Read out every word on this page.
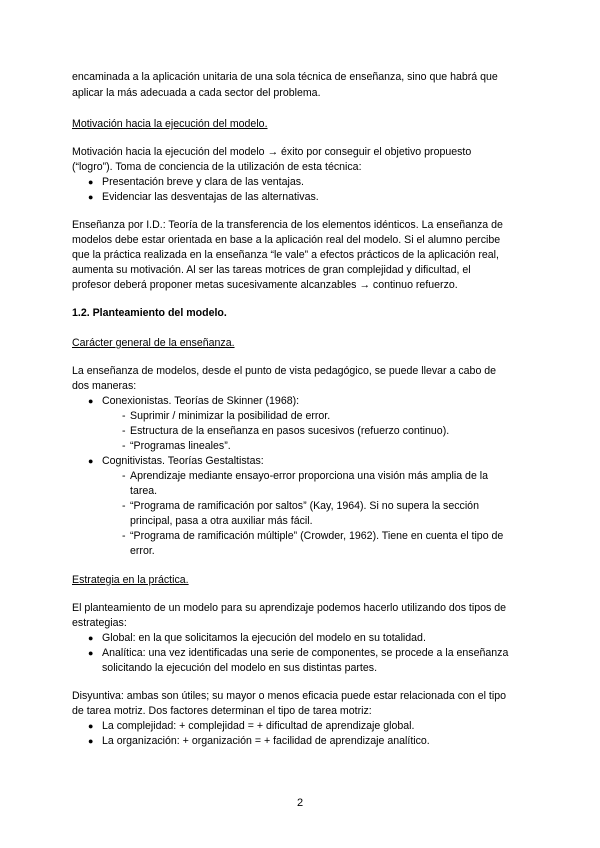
encaminada a la aplicación unitaria de una sola técnica de enseñanza, sino que habrá que
aplicar la más adecuada a cada sector del problema.
Motivación hacia la ejecución del modelo.
Motivación hacia la ejecución del modelo → éxito por conseguir el objetivo propuesto
(“logro”). Toma de conciencia de la utilización de esta técnica:
● Presentación breve y clara de las ventajas.
● Evidenciar las desventajas de las alternativas.
Enseñanza por I.D.: Teoría de la transferencia de los elementos idénticos. La enseñanza de
modelos debe estar orientada en base a la aplicación real del modelo. Si el alumno percibe
que la práctica realizada en la enseñanza “le vale” a efectos prácticos de la aplicación real,
aumenta su motivación. Al ser las tareas motrices de gran complejidad y dificultad, el
profesor deberá proponer metas sucesivamente alcanzables → continuo refuerzo.
1.2. Planteamiento del modelo.
Carácter general de la enseñanza.
La enseñanza de modelos, desde el punto de vista pedagógico, se puede llevar a cabo de
dos maneras:
● Conexionistas. Teorías de Skinner (1968):
- Suprimir / minimizar la posibilidad de error.
- Estructura de la enseñanza en pasos sucesivos (refuerzo continuo).
- “Programas lineales”.
● Cognitivistas. Teorías Gestaltistas:
- Aprendizaje mediante ensayo-error proporciona una visión más amplia de la
tarea.
- “Programa de ramificación por saltos” (Kay, 1964). Si no supera la sección
principal, pasa a otra auxiliar más fácil.
- “Programa de ramificación múltiple” (Crowder, 1962). Tiene en cuenta el tipo de
error.
Estrategia en la práctica.
El planteamiento de un modelo para su aprendizaje podemos hacerlo utilizando dos tipos de
estrategias:
● Global: en la que solicitamos la ejecución del modelo en su totalidad.
● Analítica: una vez identificadas una serie de componentes, se procede a la enseñanza
solicitando la ejecución del modelo en sus distintas partes.
Disyuntiva: ambas son útiles; su mayor o menos eficacia puede estar relacionada con el tipo
de tarea motriz. Dos factores determinan el tipo de tarea motriz:
● La complejidad: + complejidad = + dificultad de aprendizaje global.
● La organización: + organización = + facilidad de aprendizaje analítico.
2
